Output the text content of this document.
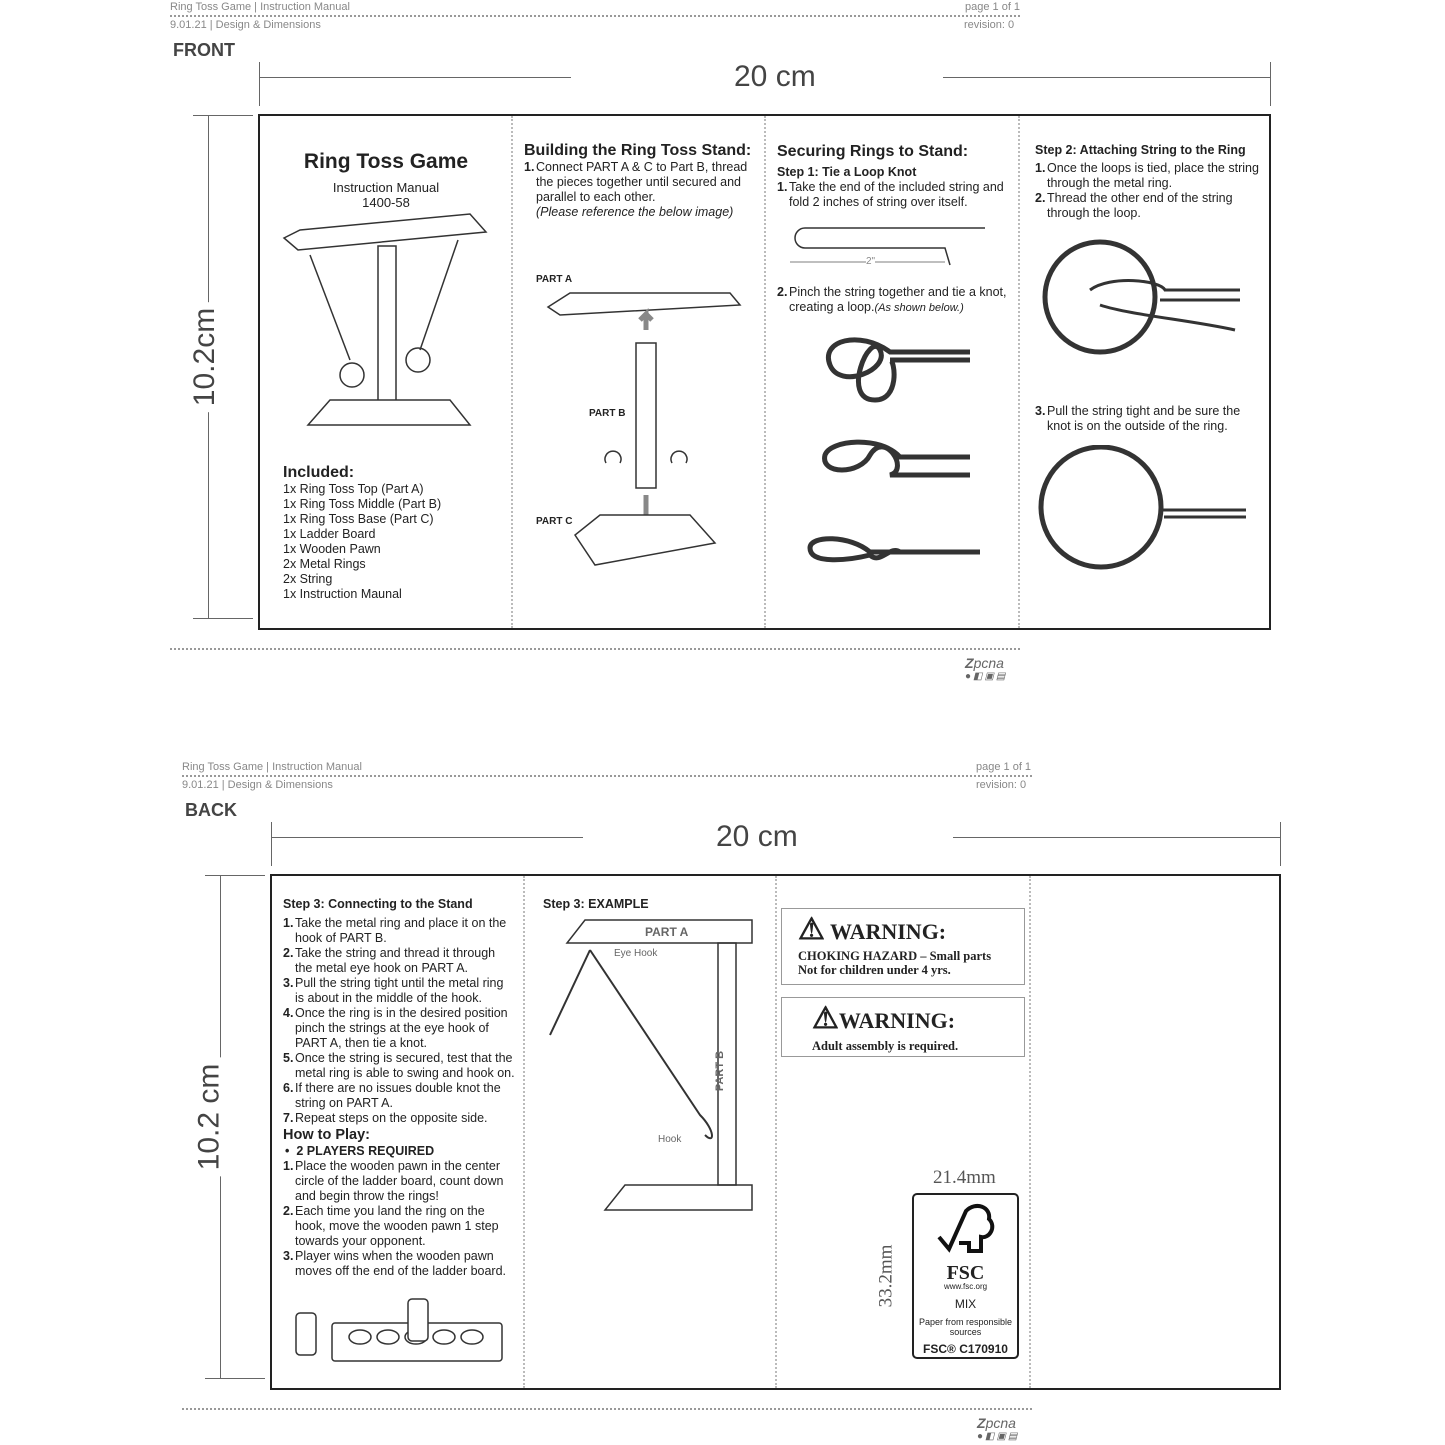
Ring Toss Game | Instruction Manual	page 1 of 1
9.01.21 | Design & Dimensions	revision: 0
FRONT
20 cm
10.2cm
Ring Toss Game
Instruction Manual
1400-58
Included:
1x Ring Toss Top (Part A)
1x Ring Toss Middle (Part B)
1x Ring Toss Base (Part C)
1x Ladder Board
1x Wooden Pawn
2x Metal Rings
2x String
1x Instruction Maunal
Building the Ring Toss Stand:
1. Connect PART A & C to Part B, thread the pieces together until secured and parallel to each other.
(Please reference the below image)
PART A
PART B
PART C
Securing Rings to Stand:
Step 1: Tie a Loop Knot
1. Take the end of the included string and fold 2 inches of string over itself.
2"
2. Pinch the string together and tie a knot, creating a loop.(As shown below.)
Step 2: Attaching String to the Ring
1. Once the loops is tied, place the string through the metal ring.
2. Thread the other end of the string through the loop.
3. Pull the string tight and be sure the knot is on the outside of the ring.
Zpcna
●◧▣▤
Ring Toss Game | Instruction Manual	page 1 of 1
9.01.21 | Design & Dimensions	revision: 0
BACK
20 cm
10.2 cm
Step 3: Connecting to the Stand
1. Take the metal ring and place it on the hook of PART B.
2. Take the string and thread it through the metal eye hook on PART A.
3. Pull the string tight until the metal ring is about in the middle of the hook.
4. Once the ring is in the desired position pinch the strings at the eye hook of PART A, then tie a knot.
5. Once the string is secured, test that the metal ring is able to swing and hook on.
6. If there are no issues double knot the string on PART A.
7. Repeat steps on the opposite side.
How to Play:
•  2 PLAYERS REQUIRED
1. Place the wooden pawn in the center circle of the ladder board, count down and begin throw the rings!
2. Each time you land the ring on the hook, move the wooden pawn 1 step towards your opponent.
3. Player wins when the wooden pawn moves off the end of the ladder board.
Step 3: EXAMPLE
PART A
Eye Hook
Hook
PART B
⚠ WARNING:
CHOKING HAZARD – Small parts
Not for children under 4 yrs.
⚠WARNING:
Adult assembly is required.
21.4mm
33.2mm	FSC
www.fsc.org
MIX
Paper from responsible sources
FSC® C170910
Zpcna
●◧▣▤
